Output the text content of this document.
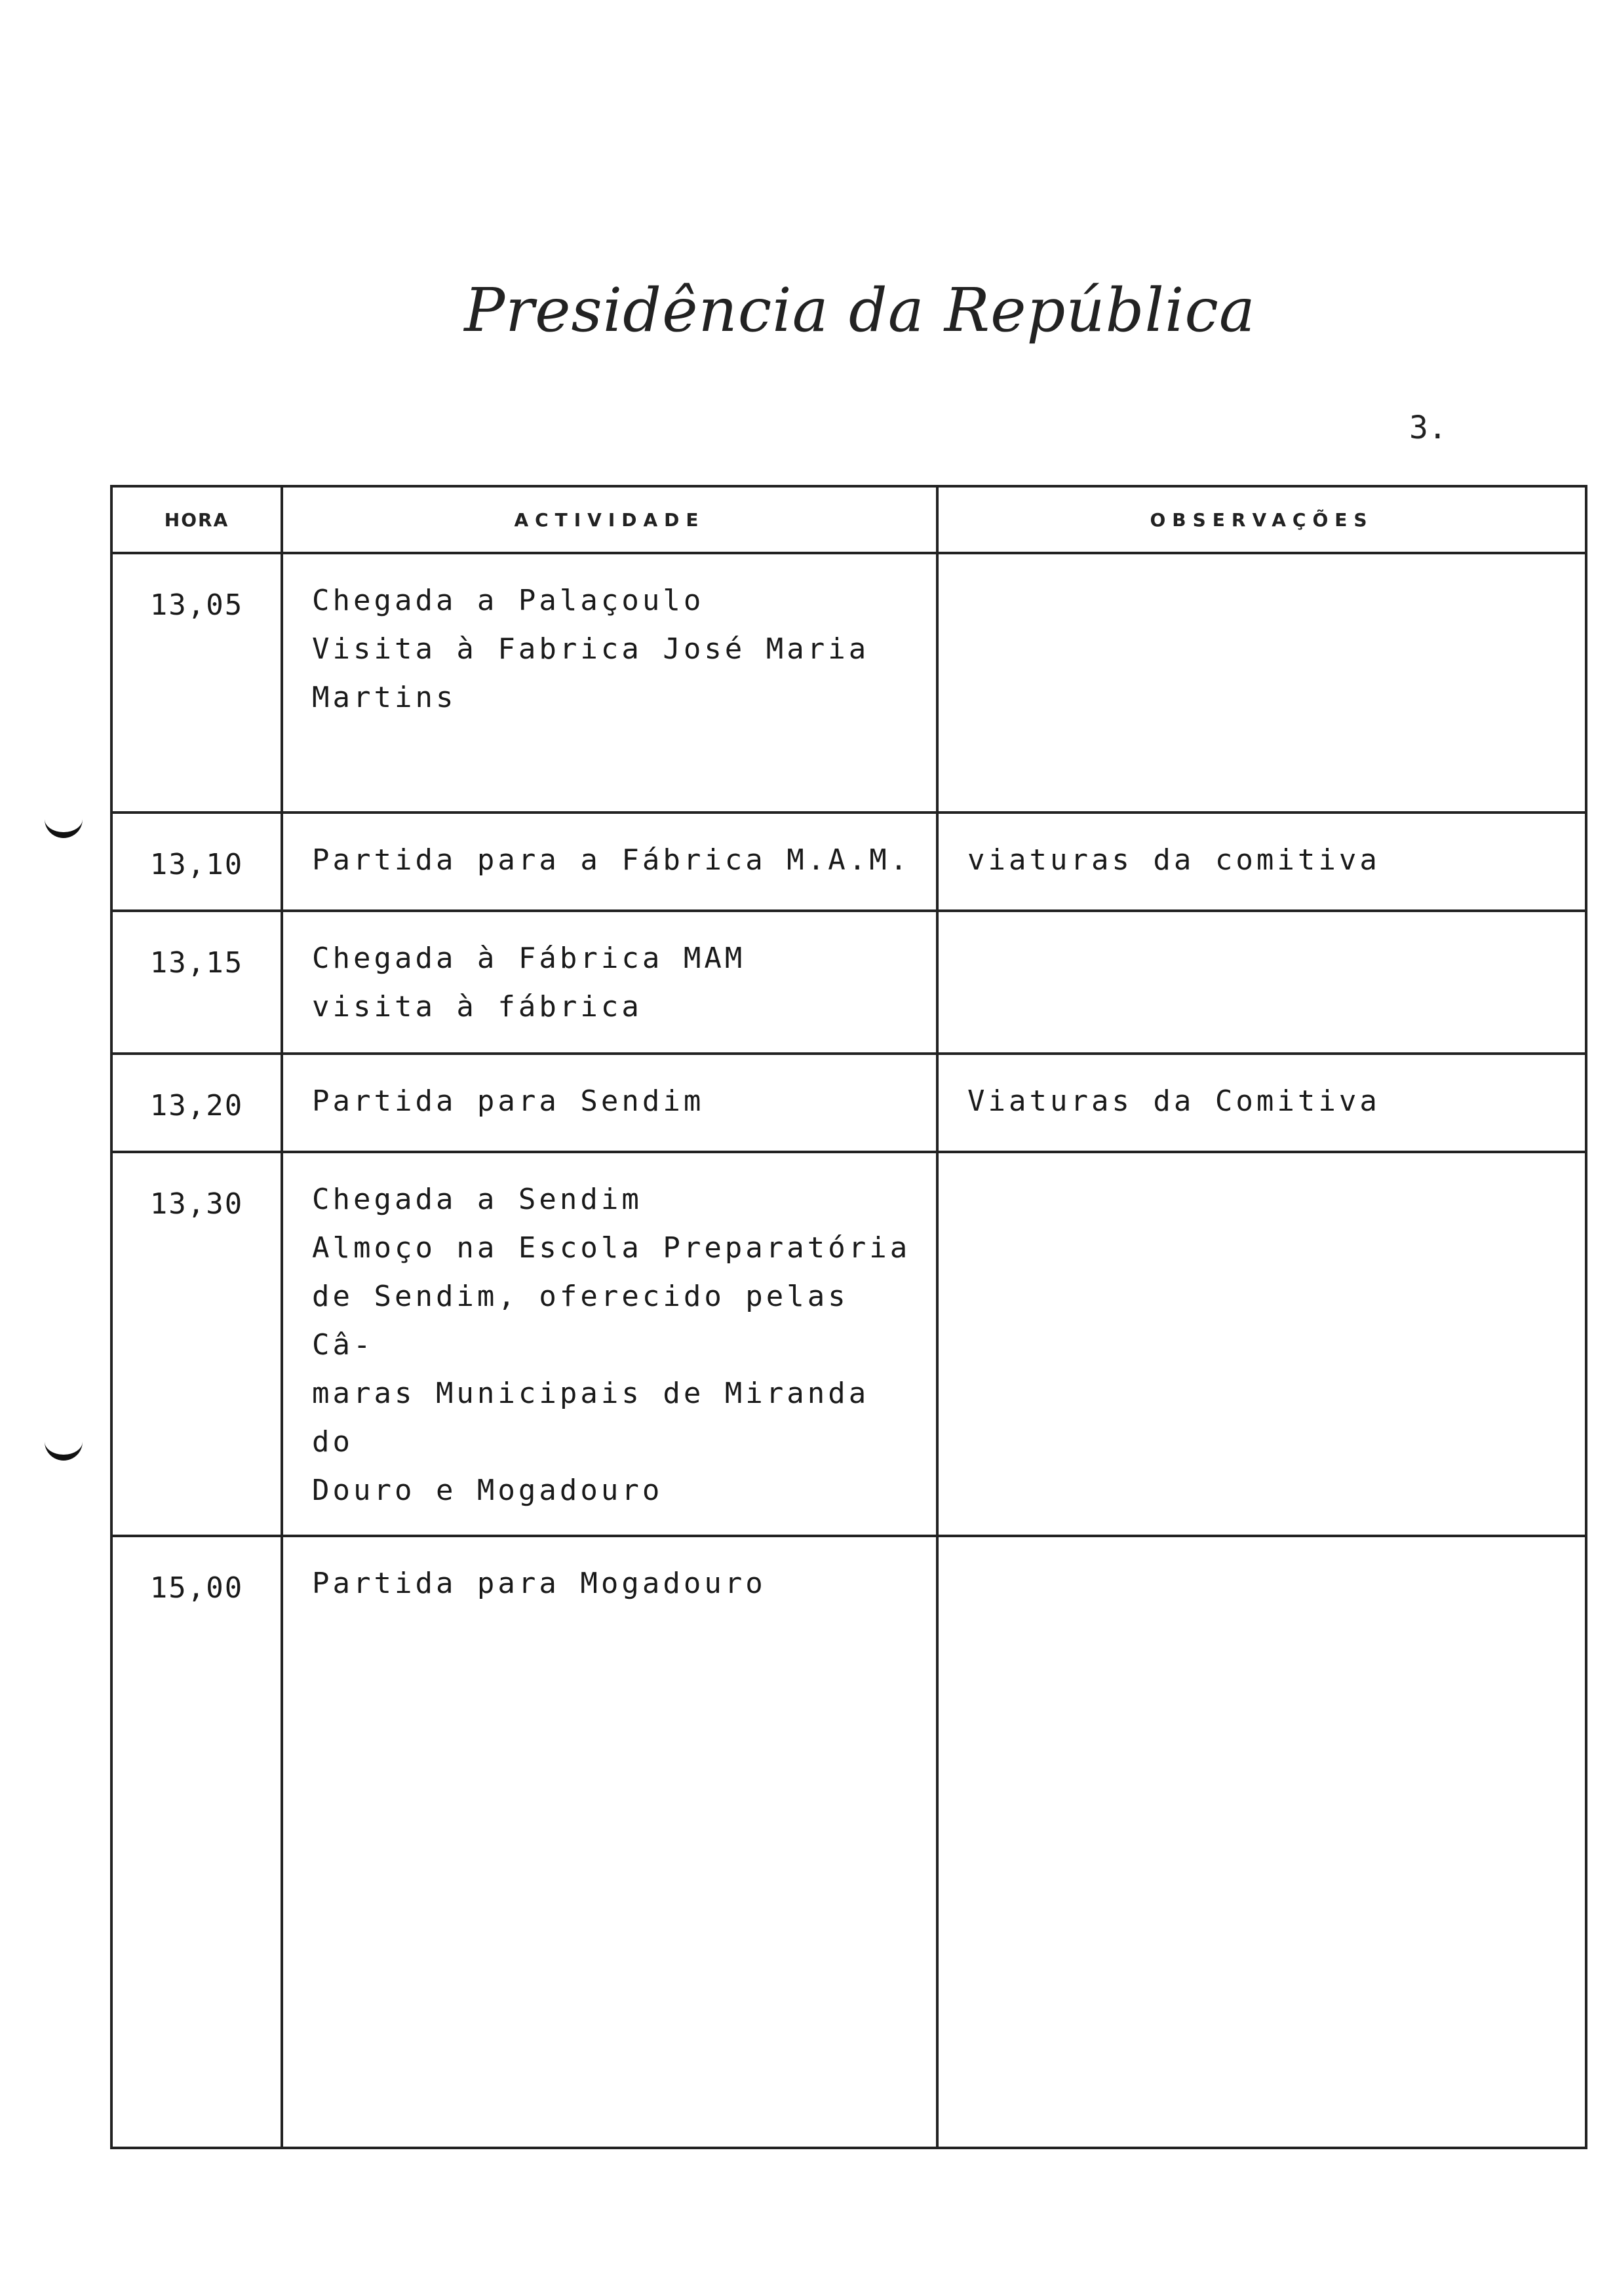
Presidência da República
3.
HORA	ACTIVIDADE	OBSERVAÇÕES
13,05	Chegada a Palaçoulo
Visita à Fabrica José Maria
Martins	
13,10	Partida para a Fábrica M.A.M.	viaturas da comitiva
13,15	Chegada à Fábrica MAM
visita à fábrica	
13,20	Partida para Sendim	Viaturas da Comitiva
13,30	Chegada a Sendim
Almoço na Escola Preparatória
de Sendim, oferecido pelas Câ-
maras Municipais de Miranda do
Douro e Mogadouro	
15,00	Partida para Mogadouro	
